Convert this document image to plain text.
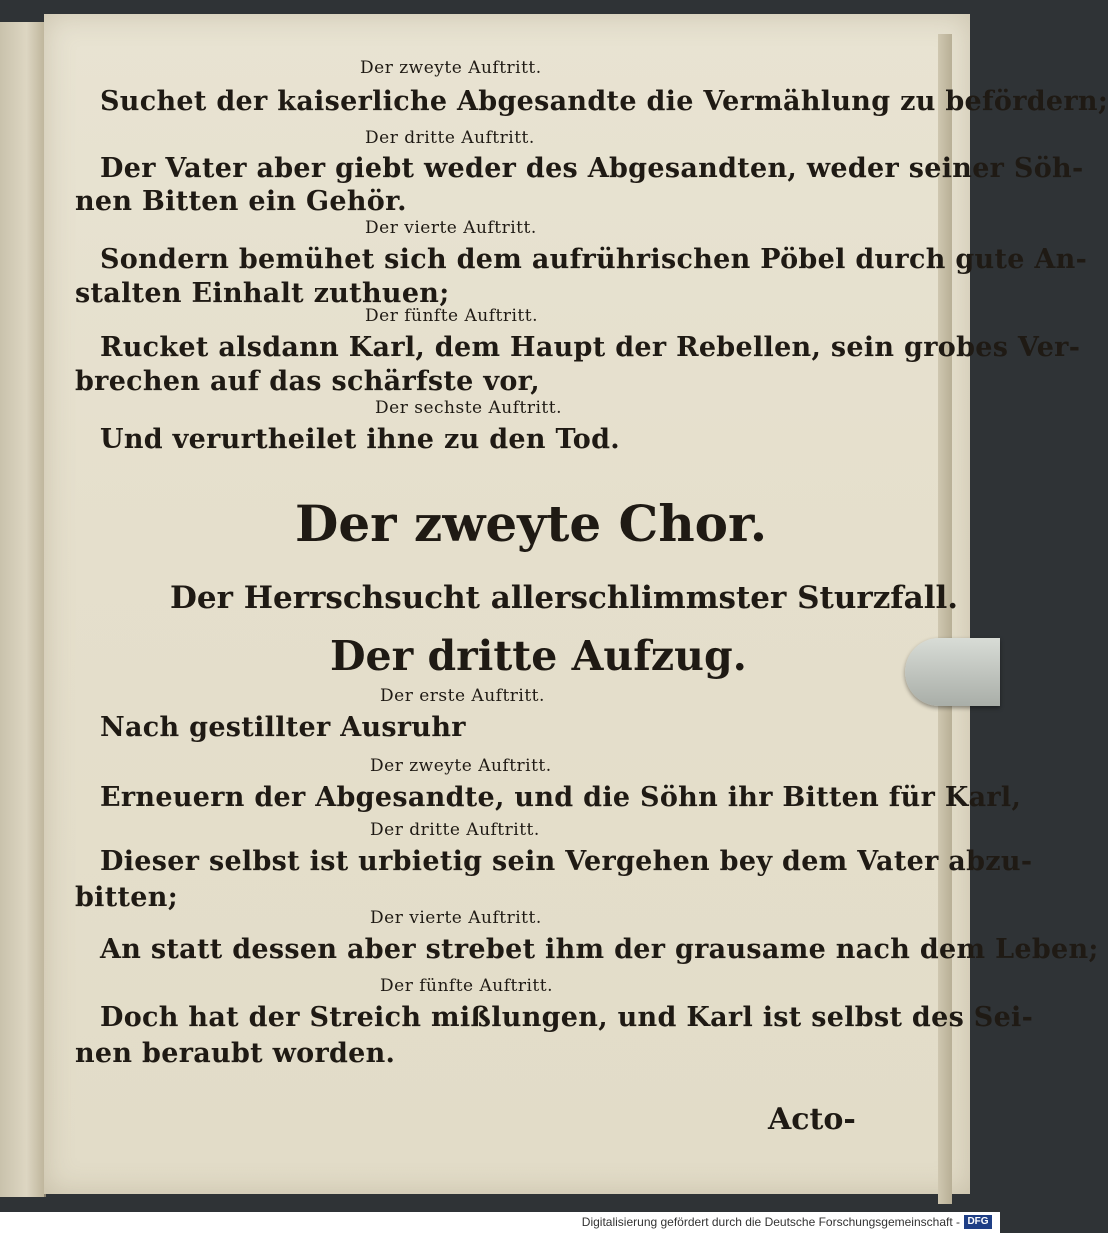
Der zweyte Auftritt.
Suchet der kaiserliche Abgesandte die Vermählung zu befördern;
Der dritte Auftritt.
Der Vater aber giebt weder des Abgesandten, weder seiner Söh-
nen Bitten ein Gehör.
Der vierte Auftritt.
Sondern bemühet sich dem aufrührischen Pöbel durch gute An-
stalten Einhalt zuthuen;
Der fünfte Auftritt.
Rucket alsdann Karl, dem Haupt der Rebellen, sein grobes Ver-
brechen auf das schärfste vor,
Der sechste Auftritt.
Und verurtheilet ihne zu den Tod.
Der zweyte Chor.
Der Herrschsucht allerschlimmster Sturzfall.
Der dritte Aufzug.
Der erste Auftritt.
Nach gestillter Ausruhr
Der zweyte Auftritt.
Erneuern der Abgesandte, und die Söhn ihr Bitten für Karl,
Der dritte Auftritt.
Dieser selbst ist urbietig sein Vergehen bey dem Vater abzu-
bitten;
Der vierte Auftritt.
An statt dessen aber strebet ihm der grausame nach dem Leben;
Der fünfte Auftritt.
Doch hat der Streich mißlungen, und Karl ist selbst des Sei-
nen beraubt worden.
Acto-
Digitalisierung gefördert durch die Deutsche Forschungsgemeinschaft - DFG
